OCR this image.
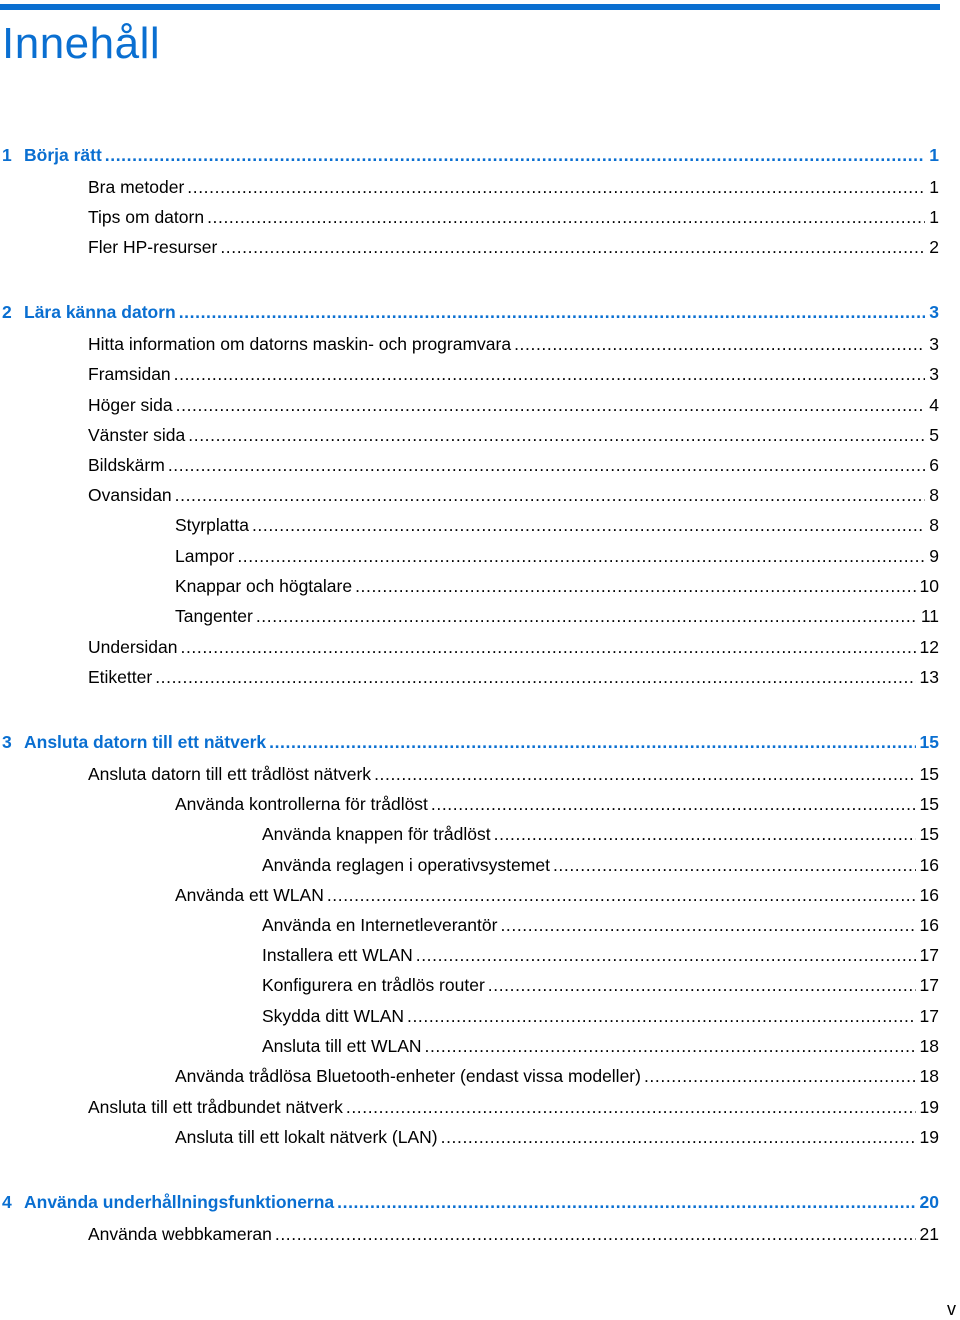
Innehåll
1 Börja rätt .....	1
Bra metoder .....	1
Tips om datorn .....	1
Fler HP-resurser .....	2
2 Lära känna datorn .....	3
Hitta information om datorns maskin- och programvara .....	3
Framsidan .....	3
Höger sida .....	4
Vänster sida .....	5
Bildskärm .....	6
Ovansidan .....	8
Styrplatta .....	8
Lampor .....	9
Knappar och högtalare .....	10
Tangenter .....	11
Undersidan .....	12
Etiketter .....	13
3 Ansluta datorn till ett nätverk .....	15
Ansluta datorn till ett trådlöst nätverk .....	15
Använda kontrollerna för trådlöst .....	15
Använda knappen för trådlöst .....	15
Använda reglagen i operativsystemet .....	16
Använda ett WLAN .....	16
Använda en Internetleverantör .....	16
Installera ett WLAN .....	17
Konfigurera en trådlös router .....	17
Skydda ditt WLAN .....	17
Ansluta till ett WLAN .....	18
Använda trådlösa Bluetooth-enheter (endast vissa modeller) .....	18
Ansluta till ett trådbundet nätverk .....	19
Ansluta till ett lokalt nätverk (LAN) .....	19
4 Använda underhållningsfunktionerna .....	20
Använda webbkameran .....	21
v
